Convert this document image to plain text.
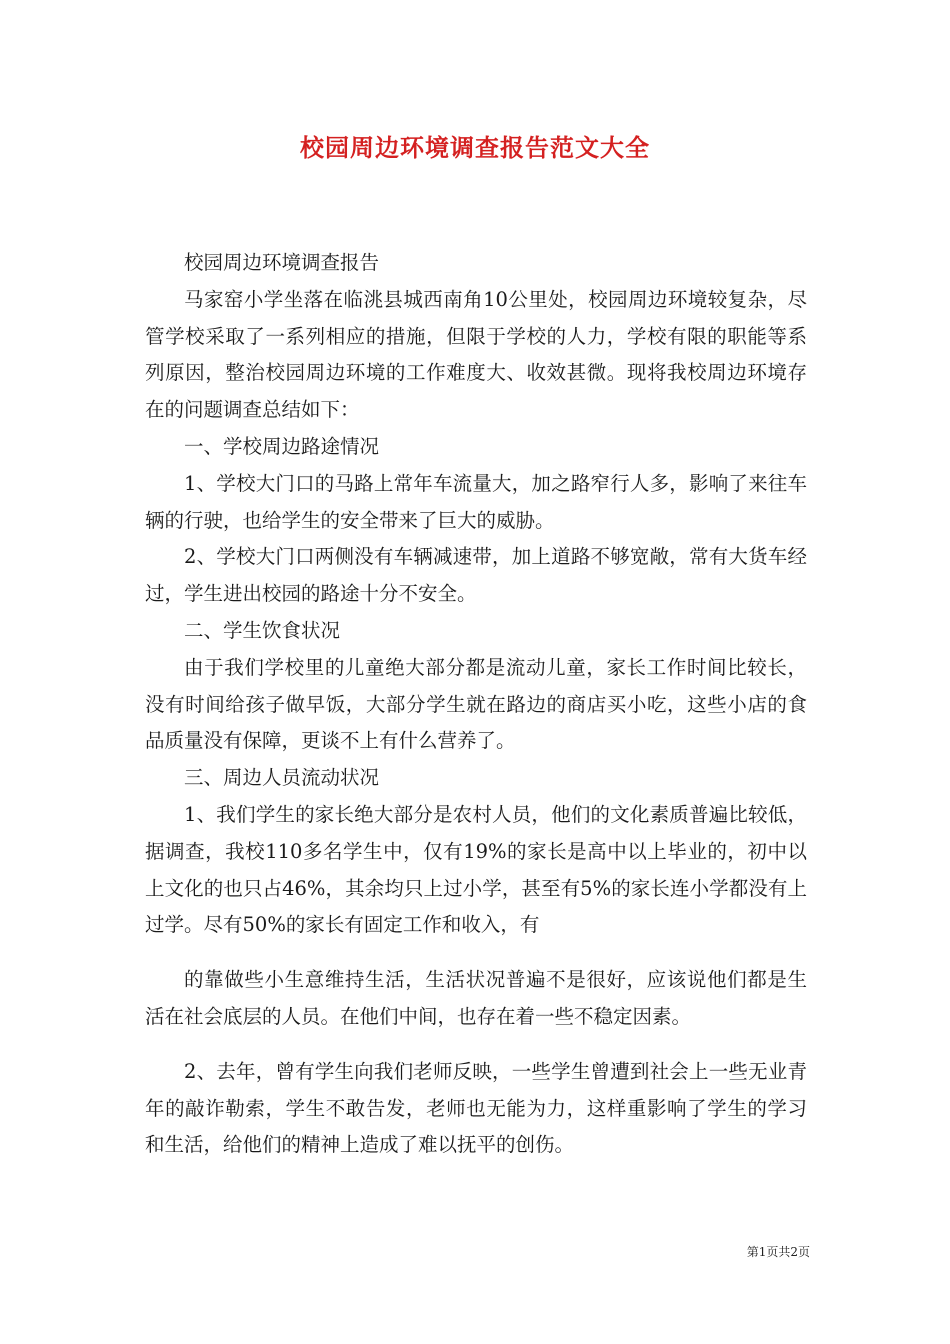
校园周边环境调查报告范文大全

校园周边环境调查报告

马家窑小学坐落在临洮县城西南角10公里处，校园周边环境较复杂，尽管学校采取了一系列相应的措施，但限于学校的人力，学校有限的职能等系列原因，整治校园周边环境的工作难度大、收效甚微。现将我校周边环境存在的问题调查总结如下：

一、学校周边路途情况

1、学校大门口的马路上常年车流量大，加之路窄行人多，影响了来往车辆的行驶，也给学生的安全带来了巨大的威胁。

2、学校大门口两侧没有车辆减速带，加上道路不够宽敞，常有大货车经过，学生进出校园的路途十分不安全。

二、学生饮食状况

由于我们学校里的儿童绝大部分都是流动儿童，家长工作时间比较长，没有时间给孩子做早饭，大部分学生就在路边的商店买小吃，这些小店的食品质量没有保障，更谈不上有什么营养了。

三、周边人员流动状况

1、我们学生的家长绝大部分是农村人员，他们的文化素质普遍比较低，据调查，我校110多名学生中，仅有19%的家长是高中以上毕业的，初中以上文化的也只占46%，其余均只上过小学，甚至有5%的家长连小学都没有上过学。尽有50%的家长有固定工作和收入，有

的靠做些小生意维持生活，生活状况普遍不是很好，应该说他们都是生活在社会底层的人员。在他们中间，也存在着一些不稳定因素。

2、去年，曾有学生向我们老师反映，一些学生曾遭到社会上一些无业青年的敲诈勒索，学生不敢告发，老师也无能为力，这样重影响了学生的学习和生活，给他们的精神上造成了难以抚平的创伤。

第1页共2页
